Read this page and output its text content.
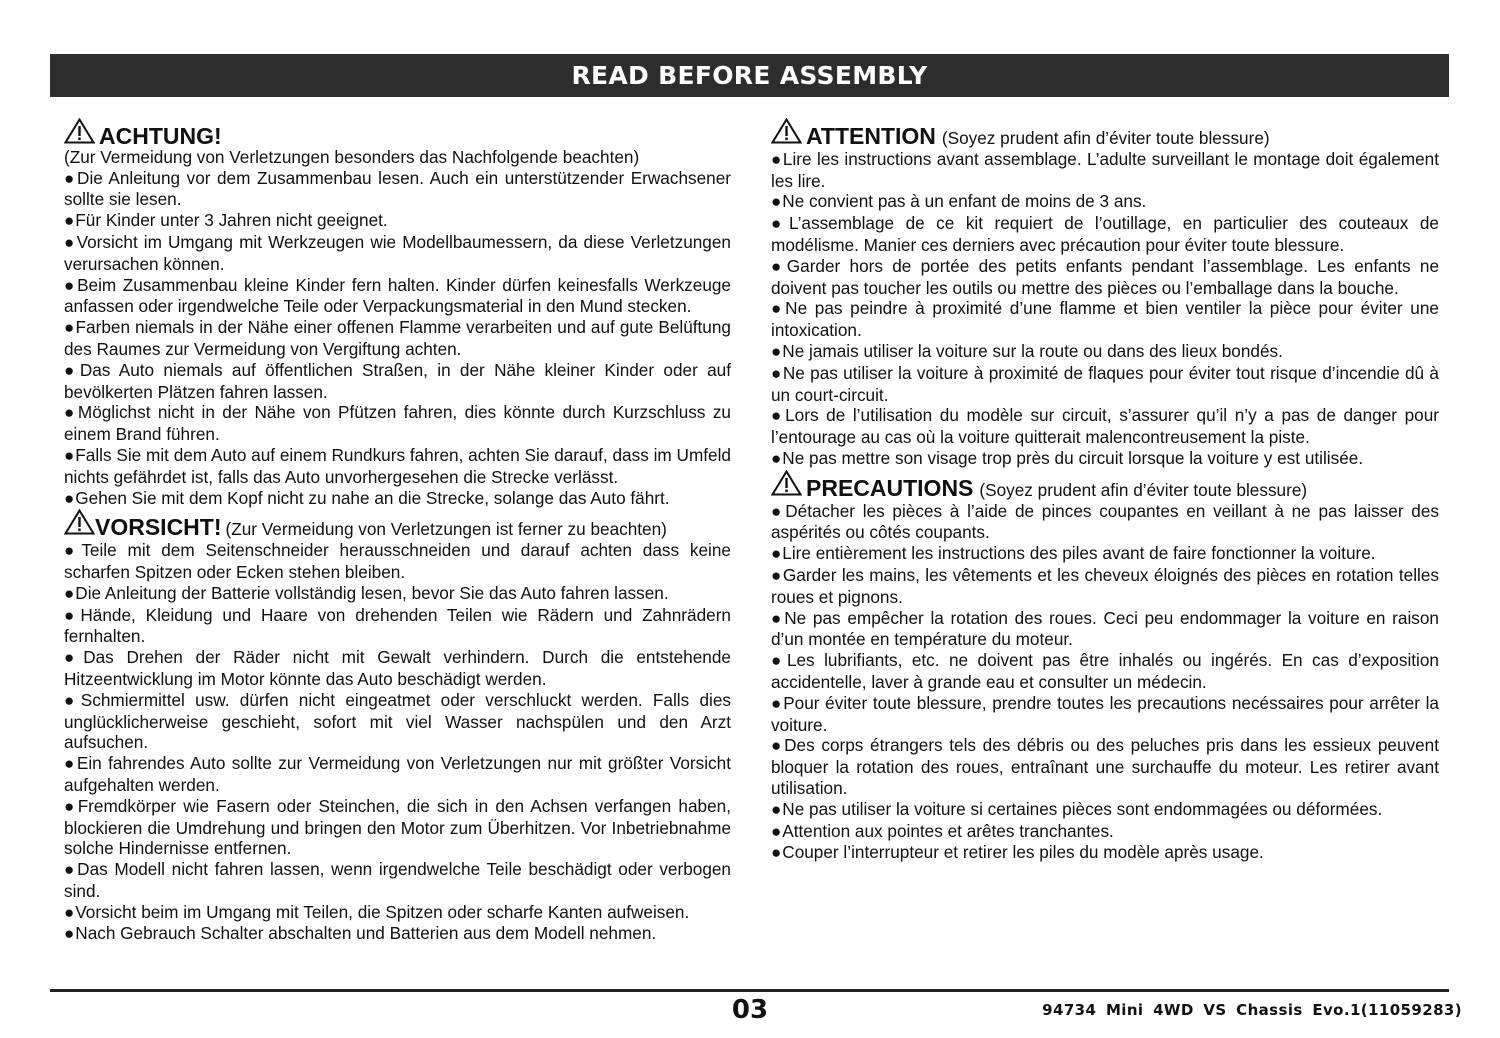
READ BEFORE ASSEMBLY
ACHTUNG!
(Zur Vermeidung von Verletzungen besonders das Nachfolgende beachten)
● Die Anleitung vor dem Zusammenbau lesen. Auch ein unterstützender Erwachsener sollte sie lesen.
● Für Kinder unter 3 Jahren nicht geeignet.
● Vorsicht im Umgang mit Werkzeugen wie Modellbaumessern, da diese Verletzungen verursachen können.
● Beim Zusammenbau kleine Kinder fern halten. Kinder dürfen keinesfalls Werkzeuge anfassen oder irgendwelche Teile oder Verpackungsmaterial in den Mund stecken.
● Farben niemals in der Nähe einer offenen Flamme verarbeiten und auf gute Belüftung des Raumes zur Vermeidung von Vergiftung achten.
● Das Auto niemals auf öffentlichen Straßen, in der Nähe kleiner Kinder oder auf bevölkerten Plätzen fahren lassen.
● Möglichst nicht in der Nähe von Pfützen fahren, dies könnte durch Kurzschluss zu einem Brand führen.
● Falls Sie mit dem Auto auf einem Rundkurs fahren, achten Sie darauf, dass im Umfeld nichts gefährdet ist, falls das Auto unvorhergesehen die Strecke verlässt.
● Gehen Sie mit dem Kopf nicht zu nahe an die Strecke, solange das Auto fährt.
VORSICHT! (Zur Vermeidung von Verletzungen ist ferner zu beachten)
● Teile mit dem Seitenschneider herausschneiden und darauf achten dass keine scharfen Spitzen oder Ecken stehen bleiben.
● Die Anleitung der Batterie vollständig lesen, bevor Sie das Auto fahren lassen.
● Hände, Kleidung und Haare von drehenden Teilen wie Rädern und Zahnrädern fernhalten.
● Das Drehen der Räder nicht mit Gewalt verhindern. Durch die entstehende Hitzeentwicklung im Motor könnte das Auto beschädigt werden.
● Schmiermittel usw. dürfen nicht eingeatmet oder verschluckt werden. Falls dies unglücklicherweise geschieht, sofort mit viel Wasser nachspülen und den Arzt aufsuchen.
● Ein fahrendes Auto sollte zur Vermeidung von Verletzungen nur mit größter Vorsicht aufgehalten werden.
● Fremdkörper wie Fasern oder Steinchen, die sich in den Achsen verfangen haben, blockieren die Umdrehung und bringen den Motor zum Überhitzen. Vor Inbetriebnahme solche Hindernisse entfernen.
● Das Modell nicht fahren lassen, wenn irgendwelche Teile beschädigt oder verbogen sind.
● Vorsicht beim im Umgang mit Teilen, die Spitzen oder scharfe Kanten aufweisen.
● Nach Gebrauch Schalter abschalten und Batterien aus dem Modell nehmen.
ATTENTION (Soyez prudent afin d’éviter toute blessure)
● Lire les instructions avant assemblage. L’adulte surveillant le montage doit également les lire.
● Ne convient pas à un enfant de moins de 3 ans.
● L’assemblage de ce kit requiert de l’outillage, en particulier des couteaux de modélisme. Manier ces derniers avec précaution pour éviter toute blessure.
● Garder hors de portée des petits enfants pendant l’assemblage. Les enfants ne doivent pas toucher les outils ou mettre des pièces ou l’emballage dans la bouche.
● Ne pas peindre à proximité d’une flamme et bien ventiler la pièce pour éviter une intoxication.
● Ne jamais utiliser la voiture sur la route ou dans des lieux bondés.
● Ne pas utiliser la voiture à proximité de flaques pour éviter tout risque d’incendie dû à un court-circuit.
● Lors de l’utilisation du modèle sur circuit, s’assurer qu’il n’y a pas de danger pour l’entourage au cas où la voiture quitterait malencontreusement la piste.
● Ne pas mettre son visage trop près du circuit lorsque la voiture y est utilisée.
PRECAUTIONS (Soyez prudent afin d’éviter toute blessure)
● Détacher les pièces à l’aide de pinces coupantes en veillant à ne pas laisser des aspérités ou côtés coupants.
● Lire entièrement les instructions des piles avant de faire fonctionner la voiture.
● Garder les mains, les vêtements et les cheveux éloignés des pièces en rotation telles roues et pignons.
● Ne pas empêcher la rotation des roues. Ceci peu endommager la voiture en raison d’un montée en température du moteur.
● Les lubrifiants, etc. ne doivent pas être inhalés ou ingérés. En cas d’exposition accidentelle, laver à grande eau et consulter un médecin.
● Pour éviter toute blessure, prendre toutes les precautions necéssaires pour arrêter la voiture.
● Des corps étrangers tels des débris ou des peluches pris dans les essieux peuvent bloquer la rotation des roues, entraînant une surchauffe du moteur. Les retirer avant utilisation.
● Ne pas utiliser la voiture si certaines pièces sont endommagées ou déformées.
● Attention aux pointes et arêtes tranchantes.
● Couper l’interrupteur et retirer les piles du modèle après usage.
03	94734 Mini 4WD VS Chassis Evo.1(11059283)
